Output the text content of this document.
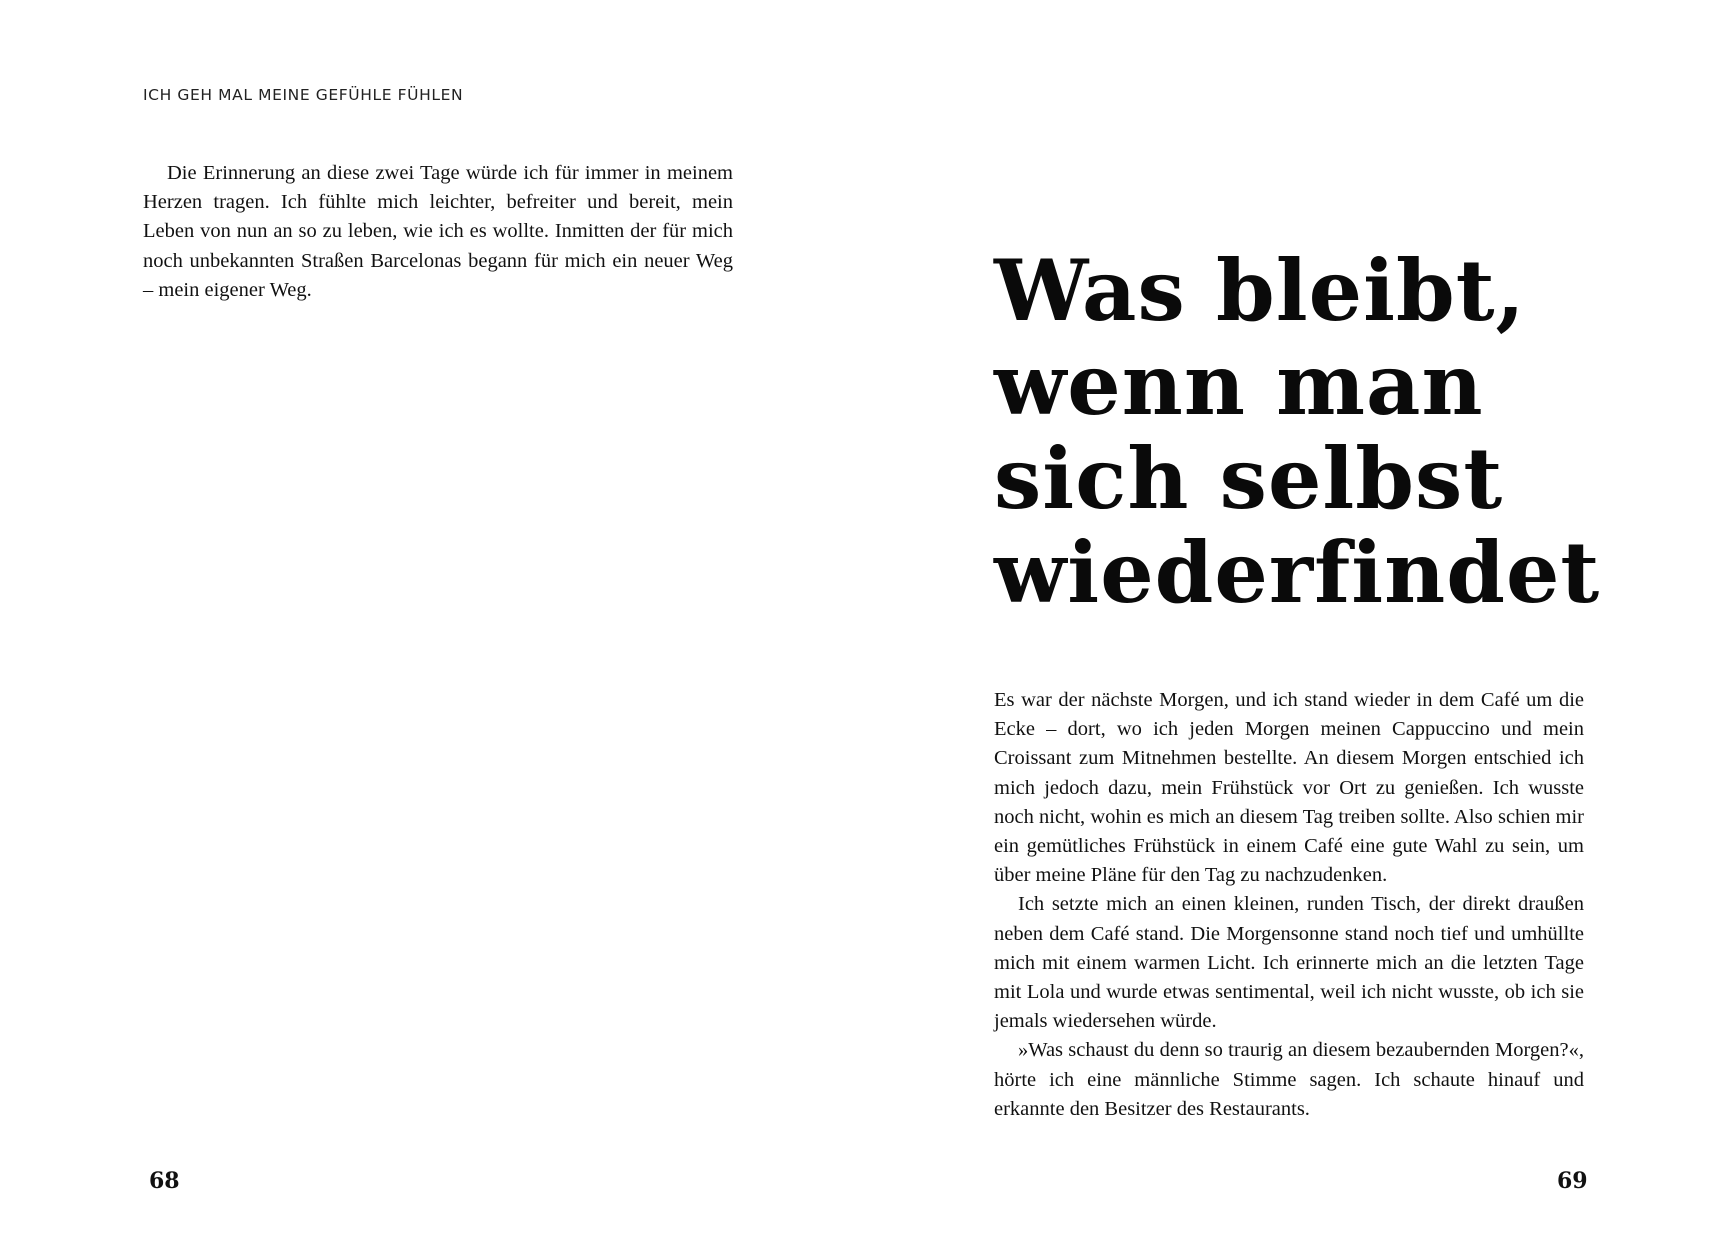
ICH GEH MAL MEINE GEFÜHLE FÜHLEN

Die Erinnerung an diese zwei Tage würde ich für immer in meinem Herzen tragen. Ich fühlte mich leichter, befreiter und bereit, mein Leben von nun an so zu leben, wie ich es wollte. Inmitten der für mich noch unbekannten Straßen Barcelonas begann für mich ein neuer Weg – mein eigener Weg.

68
Was bleibt,
wenn man
sich selbst
wiederfindet

Es war der nächste Morgen, und ich stand wieder in dem Café um die Ecke – dort, wo ich jeden Morgen meinen Cappuccino und mein Croissant zum Mitnehmen bestellte. An diesem Morgen entschied ich mich jedoch dazu, mein Frühstück vor Ort zu genießen. Ich wusste noch nicht, wohin es mich an diesem Tag treiben sollte. Also schien mir ein gemütliches Frühstück in einem Café eine gute Wahl zu sein, um über meine Pläne für den Tag zu nachzudenken.

Ich setzte mich an einen kleinen, runden Tisch, der direkt draußen neben dem Café stand. Die Morgensonne stand noch tief und umhüllte mich mit einem warmen Licht. Ich erinnerte mich an die letzten Tage mit Lola und wurde etwas sentimental, weil ich nicht wusste, ob ich sie jemals wiedersehen würde.

»Was schaust du denn so traurig an diesem bezaubernden Morgen?«, hörte ich eine männliche Stimme sagen. Ich schaute hinauf und erkannte den Besitzer des Restaurants.

69
